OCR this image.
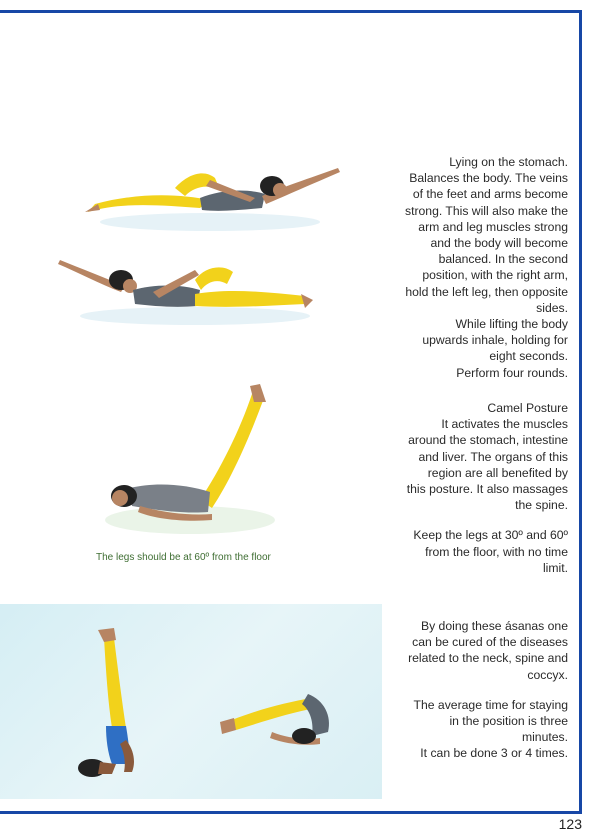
Lying on the stomach.

Balances the body. The veins

of the feet and arms become

strong. This will also make the

arm and leg muscles strong

and the body will become

balanced. In the second

position, with the right arm,

hold the left leg, then opposite

sides.

While lifting the body

upwards inhale, holding for

eight seconds.

Perform four rounds.

Camel Posture

It activates the muscles

around the stomach, intestine

and liver. The organs of this

region are all benefited by

this posture. It also massages

the spine.

Keep the legs at 30º and 60º

from the floor, with no time

limit.

By doing these ásanas one

can be cured of the diseases

related to the neck, spine and

coccyx.

The average time for staying

in the position is three

minutes.

It can be done 3 or 4 times.

The legs should be at 60º from the floor
123
